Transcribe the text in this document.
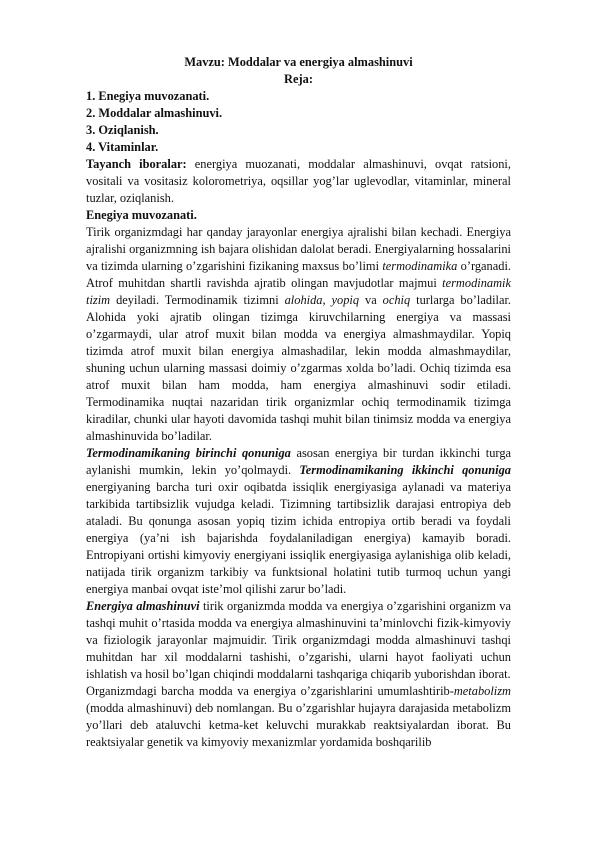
Mavzu: Moddalar va energiya almashinuvi
Reja:
1. Enegiya muvozanati.
2. Moddalar almashinuvi.
3. Oziqlanish.
4. Vitaminlar.

Tayanch iboralar: energiya muozanati, moddalar almashinuvi, ovqat ratsioni, vositali va vositasiz kolorometriya, oqsillar yog’lar uglevodlar, vitaminlar, mineral tuzlar, oziqlanish.

Enegiya muvozanati.

Tirik organizmdagi har qanday jarayonlar energiya ajralishi bilan kechadi. Energiya ajralishi organizmning ish bajara olishidan dalolat beradi. Energiyalarning hossalarini va tizimda ularning o’zgarishini fizikaning maxsus bo’limi termodinamika o’rganadi. Atrof muhitdan shartli ravishda ajratib olingan mavjudotlar majmui termodinamik tizim deyiladi. Termodinamik tizimni alohida, yopiq va ochiq turlarga bo’ladilar. Alohida yoki ajratib olingan tizimga kiruvchilarning energiya va massasi o’zgarmaydi, ular atrof muxit bilan modda va energiya almashmaydilar. Yopiq tizimda atrof muxit bilan energiya almashadilar, lekin modda almashmaydilar, shuning uchun ularning massasi doimiy o’zgarmas xolda bo’ladi. Ochiq tizimda esa atrof muxit bilan ham modda, ham energiya almashinuvi sodir etiladi. Termodinamika nuqtai nazaridan tirik organizmlar ochiq termodinamik tizimga kiradilar, chunki ular hayoti davomida tashqi muhit bilan tinimsiz modda va energiya almashinuvida bo’ladilar.

Termodinamikaning birinchi qonuniga asosan energiya bir turdan ikkinchi turga aylanishi mumkin, lekin yo’qolmaydi. Termodinamikaning ikkinchi qonuniga energiyaning barcha turi oxir oqibatda issiqlik energiyasiga aylanadi va materiya tarkibida tartibsizlik vujudga keladi. Tizimning tartibsizlik darajasi entropiya deb ataladi. Bu qonunga asosan yopiq tizim ichida entropiya ortib beradi va foydali energiya (ya’ni ish bajarishda foydalaniladigan energiya) kamayib boradi. Entropiyani ortishi kimyoviy energiyani issiqlik energiyasiga aylanishiga olib keladi, natijada tirik organizm tarkibiy va funktsional holatini tutib turmoq uchun yangi energiya manbai ovqat iste’mol qilishi zarur bo’ladi.

Energiya almashinuvi tirik organizmda modda va energiya o’zgarishini organizm va tashqi muhit o’rtasida modda va energiya almashinuvini ta’minlovchi fizik-kimyoviy va fiziologik jarayonlar majmuidir. Tirik organizmdagi modda almashinuvi tashqi muhitdan har xil moddalarni tashishi, o’zgarishi, ularni hayot faoliyati uchun ishlatish va hosil bo’lgan chiqindi moddalarni tashqariga chiqarib yuborishdan iborat.

Organizmdagi barcha modda va energiya o’zgarishlarini umumlashtirib-metabolizm (modda almashinuvi) deb nomlangan. Bu o’zgarishlar hujayra darajasida metabolizm yo’llari deb ataluvchi ketma-ket keluvchi murakkab reaktsiyalardan iborat. Bu reaktsiyalar genetik va kimyoviy mexanizmlar yordamida boshqarilib
